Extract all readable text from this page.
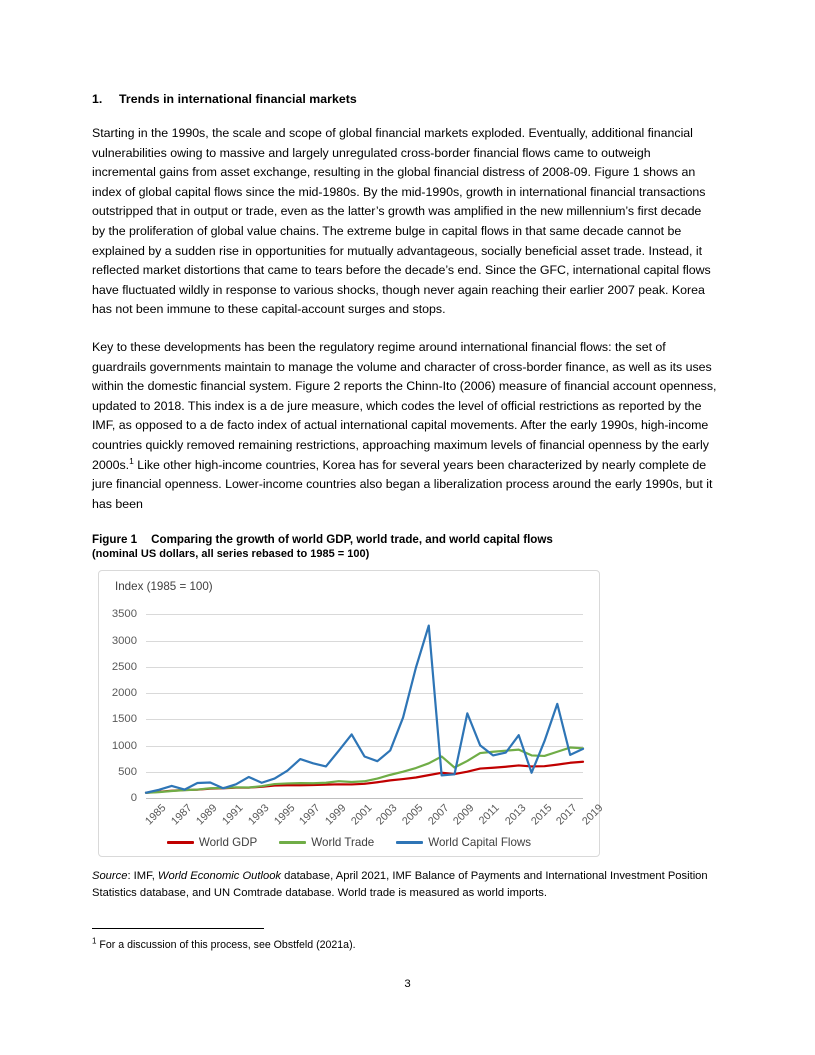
1. Trends in international financial markets

Starting in the 1990s, the scale and scope of global financial markets exploded. Eventually, additional financial vulnerabilities owing to massive and largely unregulated cross-border financial flows came to outweigh incremental gains from asset exchange, resulting in the global financial distress of 2008-09. Figure 1 shows an index of global capital flows since the mid-1980s. By the mid-1990s, growth in international financial transactions outstripped that in output or trade, even as the latter’s growth was amplified in the new millennium’s first decade by the proliferation of global value chains. The extreme bulge in capital flows in that same decade cannot be explained by a sudden rise in opportunities for mutually advantageous, socially beneficial asset trade. Instead, it reflected market distortions that came to tears before the decade’s end. Since the GFC, international capital flows have fluctuated wildly in response to various shocks, though never again reaching their earlier 2007 peak. Korea has not been immune to these capital-account surges and stops.

Key to these developments has been the regulatory regime around international financial flows: the set of guardrails governments maintain to manage the volume and character of cross-border finance, as well as its uses within the domestic financial system. Figure 2 reports the Chinn-Ito (2006) measure of financial account openness, updated to 2018. This index is a de jure measure, which codes the level of official restrictions as reported by the IMF, as opposed to a de facto index of actual international capital movements. After the early 1990s, high-income countries quickly removed remaining restrictions, approaching maximum levels of financial openness by the early 2000s.$^1$ Like other high-income countries, Korea has for several years been characterized by nearly complete de jure financial openness. Lower-income countries also began a liberalization process around the early 1990s, but it has been

Figure 1 Comparing the growth of world GDP, world trade, and world capital flows

(nominal US dollars, all series rebased to 1985 = 100)

Index (1985 = 100)
3500
3000
2500
2000
1500
1000
500
0
1985 1987 1989 1991 1993 1995 1997 1999 2001 2003 2005 2007 2009 2011 2013 2015 2017 2019
World GDP	World Trade	World Capital Flows

Source: IMF, World Economic Outlook database, April 2021, IMF Balance of Payments and International Investment Position Statistics database, and UN Comtrade database. World trade is measured as world imports.

$^1$ For a discussion of this process, see Obstfeld (2021a).

3
